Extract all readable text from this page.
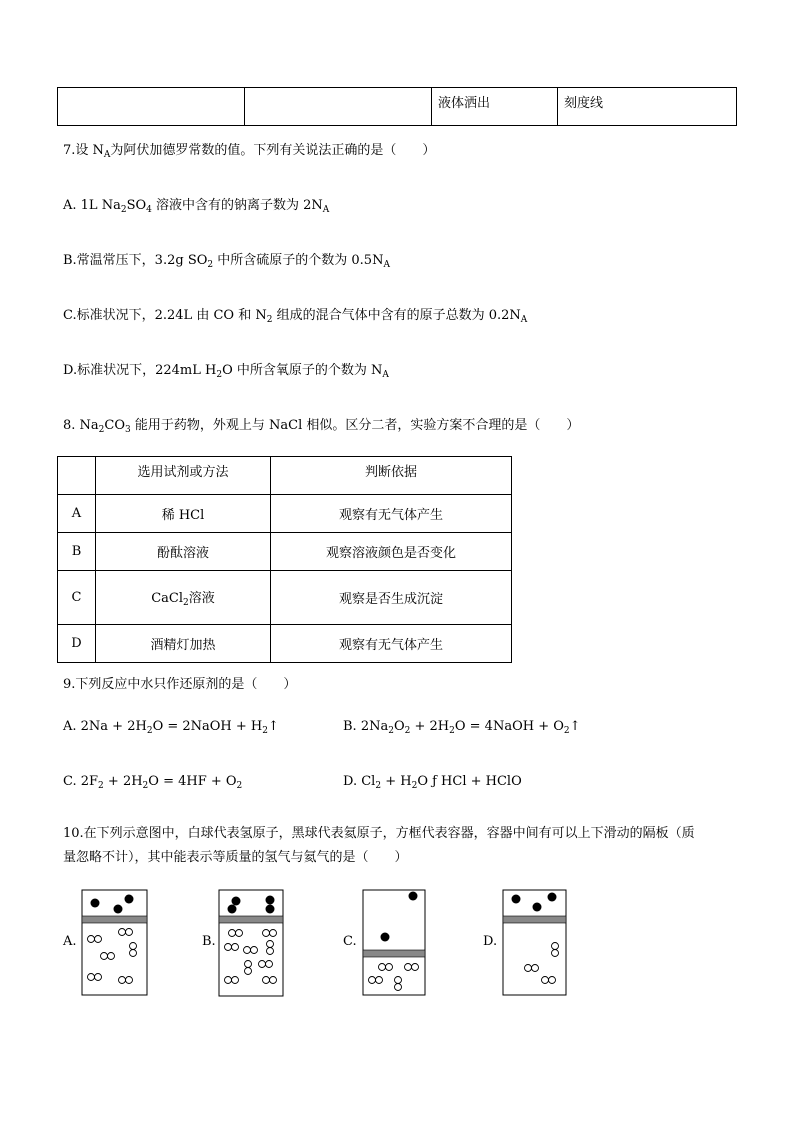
		液体洒出	刻度线
7.设 $N_A$为阿伏加德罗常数的值。下列有关说法正确的是（　　）
A. 1L $Na_2SO_4$ 溶液中含有的钠离子数为 $2N_A$
B.常温常压下，3.2g $SO_2$ 中所含硫原子的个数为 $0.5N_A$
C.标准状况下，2.24L 由 CO 和 $N_2$ 组成的混合气体中含有的原子总数为 $0.2N_A$
D.标准状况下，224mL $H_2O$ 中所含氧原子的个数为 $N_A$
8. $Na_2CO_3$ 能用于药物，外观上与 NaCl 相似。区分二者，实验方案不合理的是（　　）
	选用试剂或方法	判断依据
A	稀 HCl	观察有无气体产生
B	酚酞溶液	观察溶液颜色是否变化
C	CaCl$_2$溶液	观察是否生成沉淀
D	酒精灯加热	观察有无气体产生
9.下列反应中水只作还原剂的是（　　）
A. $2Na + 2H_2O$ = 2NaOH + $H_2↑$	B. $2Na_2O_2 + 2H_2O$ = 4NaOH + $O_2↑$
C. $2F_2 + 2H_2O = 4HF + O_2$	D. $Cl_2 + H_2O$ ƒ HCl + HClO
10.在下列示意图中，白球代表氢原子，黑球代表氦原子，方框代表容器，容器中间有可以上下滑动的隔板（质
量忽略不计），其中能表示等质量的氢气与氦气的是（　　）
A.	B.	C.	D.
